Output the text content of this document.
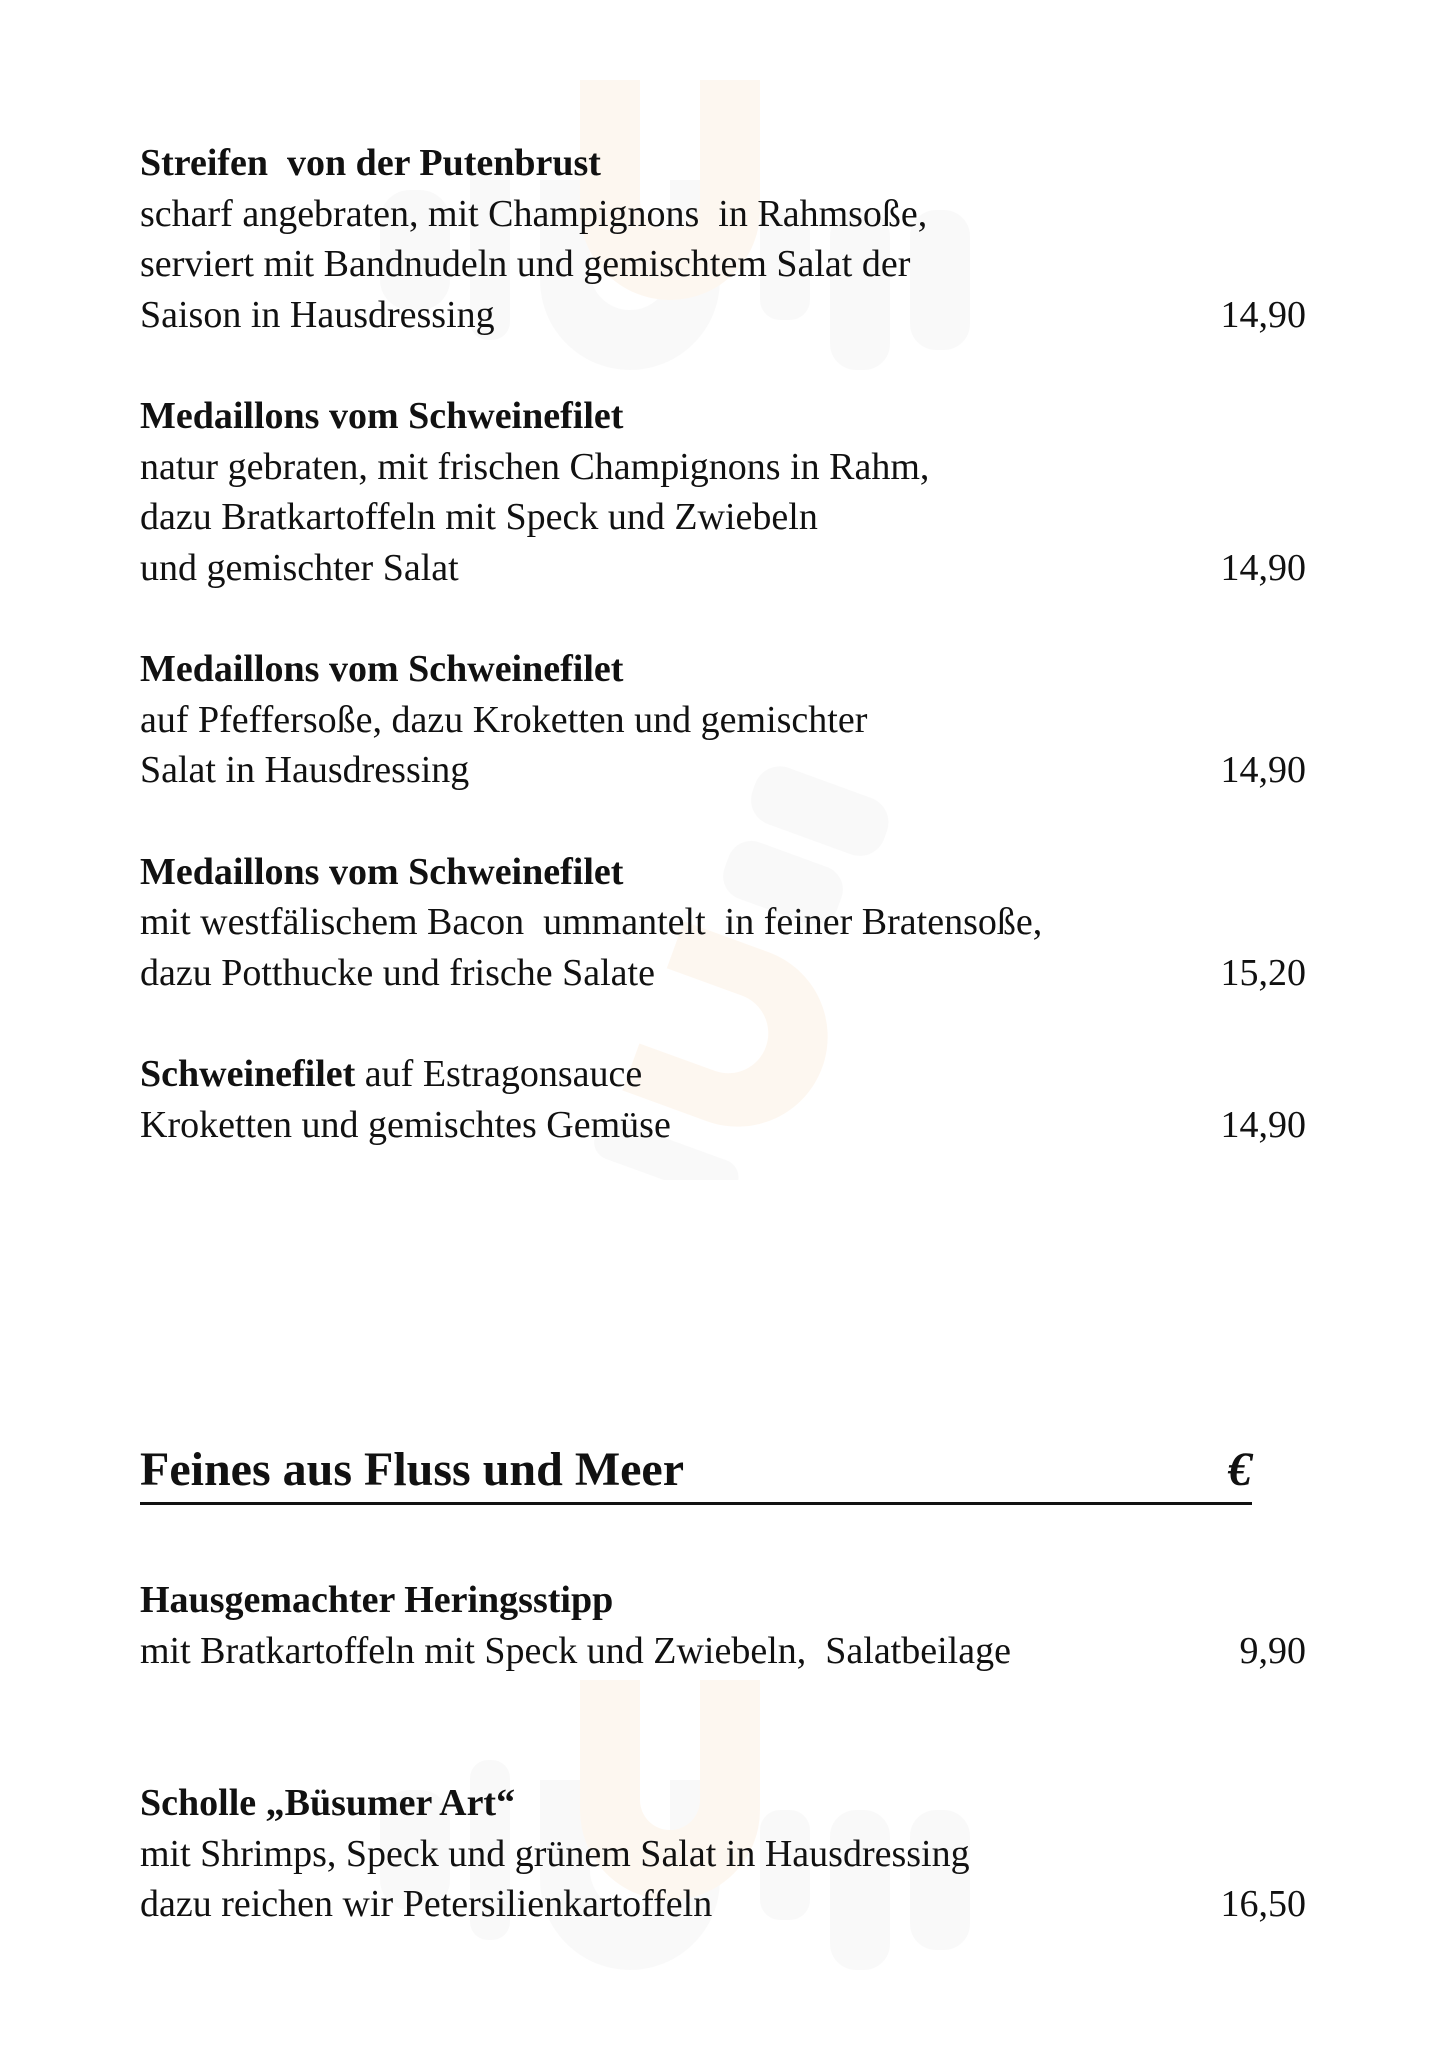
Streifen  von der Putenbrust
scharf angebraten, mit Champignons  in Rahmsoße,
serviert mit Bandnudeln und gemischtem Salat der
Saison in Hausdressing	14,90
Medaillons vom Schweinefilet
natur gebraten, mit frischen Champignons in Rahm,
dazu Bratkartoffeln mit Speck und Zwiebeln
und gemischter Salat	14,90
Medaillons vom Schweinefilet
auf Pfeffersoße, dazu Kroketten und gemischter
Salat in Hausdressing	14,90
Medaillons vom Schweinefilet
mit westfälischem Bacon  ummantelt  in feiner Bratensoße,
dazu Potthucke und frische Salate	15,20
Schweinefilet auf Estragonsauce
Kroketten und gemischtes Gemüse	14,90
Feines aus Fluss und Meer	€
Hausgemachter Heringsstipp
mit Bratkartoffeln mit Speck und Zwiebeln,  Salatbeilage	9,90
Scholle „Büsumer Art“
mit Shrimps, Speck und grünem Salat in Hausdressing
dazu reichen wir Petersilienkartoffeln	16,50
